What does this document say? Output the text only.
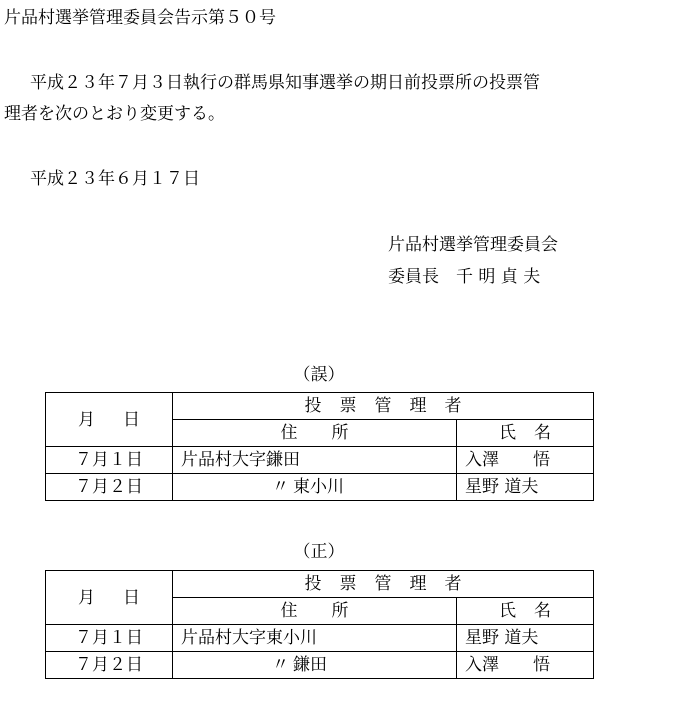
片品村選挙管理委員会告示第５０号
平成２３年７月３日執行の群馬県知事選挙の期日前投票所の投票管
理者を次のとおり変更する。
平成２３年６月１７日
片品村選挙管理委員会
委員長　千 明 貞 夫
（誤）
月日	投票管理者	
	住所	氏名
７月１日	片品村大字鎌田	入澤　　悟
７月２日	〃 東小川	星野 道夫
（正）
月日	投票管理者	
	住所	氏名
７月１日	片品村大字東小川	星野 道夫
７月２日	〃 鎌田	入澤　　悟
